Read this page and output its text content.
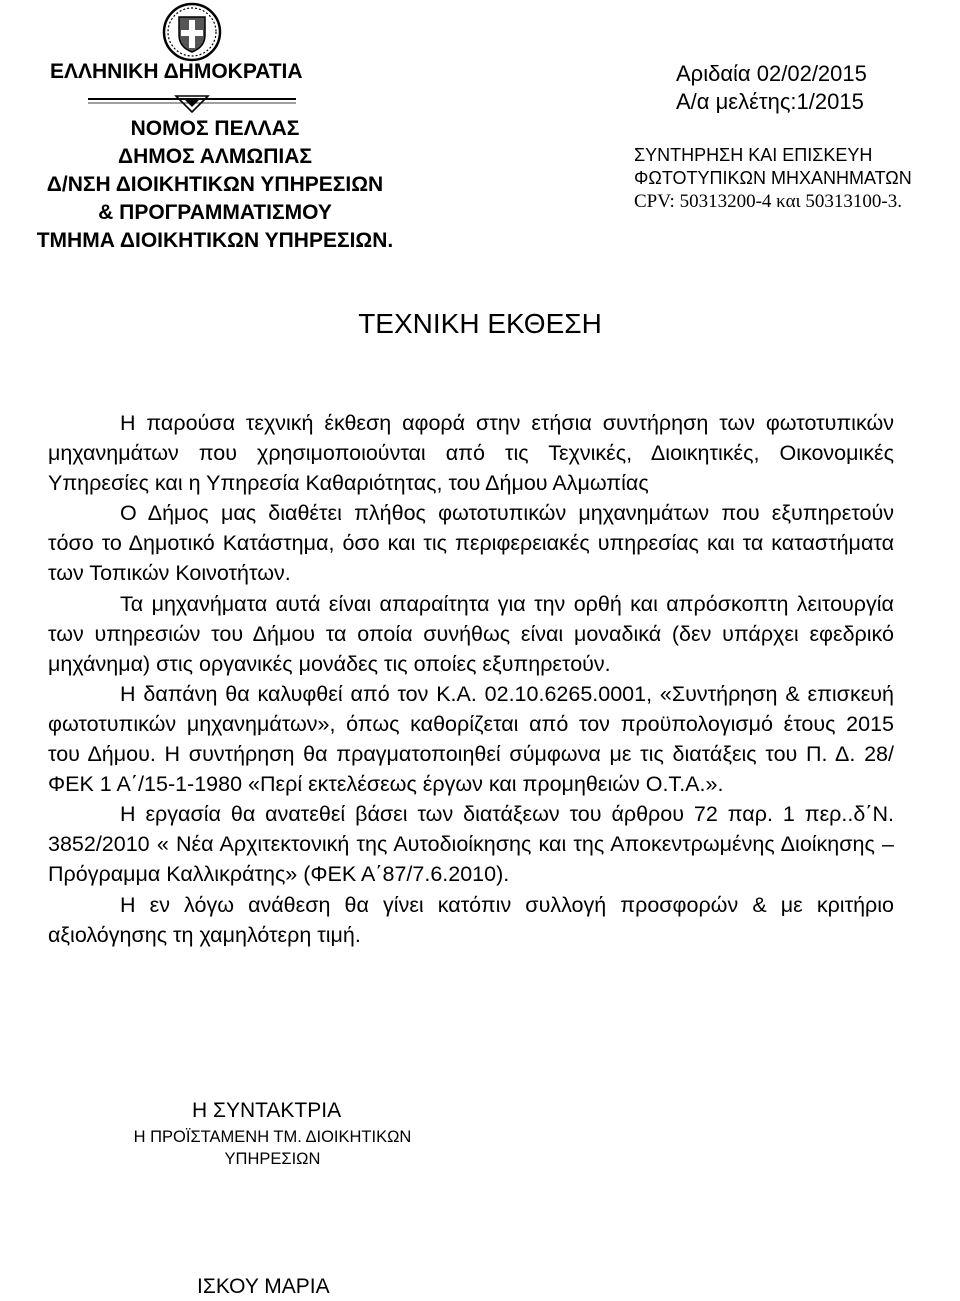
ΕΛΛΗΝΙΚΗ ΔΗΜΟΚΡΑΤΙΑ
ΝΟΜΟΣ ΠΕΛΛΑΣ
ΔΗΜΟΣ ΑΛΜΩΠΙΑΣ
Δ/ΝΣΗ ΔΙΟΙΚΗΤΙΚΩΝ ΥΠΗΡΕΣΙΩΝ
& ΠΡΟΓΡΑΜΜΑΤΙΣΜΟΥ
ΤΜΗΜΑ ΔΙΟΙΚΗΤΙΚΩΝ ΥΠΗΡΕΣΙΩΝ.
Αριδαία 02/02/2015
Α/α μελέτης:1/2015
ΣΥΝΤΗΡΗΣΗ ΚΑΙ ΕΠΙΣΚΕΥΗ
ΦΩΤΟΤΥΠΙΚΩΝ ΜΗΧΑΝΗΜΑΤΩΝ
CPV: 50313200-4 και 50313100-3.
ΤΕΧΝΙΚΗ ΕΚΘΕΣΗ

Η παρούσα τεχνική έκθεση αφορά στην ετήσια συντήρηση των φωτοτυπικών μηχανημάτων που χρησιμοποιούνται από τις Τεχνικές, Διοικητικές, Οικονομικές Υπηρεσίες και η Υπηρεσία Καθαριότητας, του Δήμου Αλμωπίας

Ο Δήμος μας διαθέτει πλήθος φωτοτυπικών μηχανημάτων που εξυπηρετούν τόσο το Δημοτικό Κατάστημα, όσο και τις περιφερειακές υπηρεσίας και τα καταστήματα των Τοπικών Κοινοτήτων.

Τα μηχανήματα αυτά είναι απαραίτητα για την ορθή και απρόσκοπτη λειτουργία των υπηρεσιών του Δήμου τα οποία συνήθως είναι μοναδικά (δεν υπάρχει εφεδρικό μηχάνημα) στις οργανικές μονάδες τις οποίες εξυπηρετούν.

Η δαπάνη θα καλυφθεί από τον Κ.Α. 02.10.6265.0001, «Συντήρηση & επισκευή φωτοτυπικών μηχανημάτων», όπως καθορίζεται από τον προϋπολογισμό έτους 2015 του Δήμου. Η συντήρηση θα πραγματοποιηθεί σύμφωνα με τις διατάξεις του Π. Δ. 28/ΦΕΚ 1 Α΄/15-1-1980 «Περί εκτελέσεως έργων και προμηθειών Ο.Τ.Α.».

Η εργασία θα ανατεθεί βάσει των διατάξεων του άρθρου 72 παρ. 1 περ..δ΄Ν. 3852/2010 « Νέα Αρχιτεκτονική της Αυτοδιοίκησης και της Αποκεντρωμένης Διοίκησης – Πρόγραμμα Καλλικράτης» (ΦΕΚ Α΄87/7.6.2010).

Η εν λόγω ανάθεση θα γίνει κατόπιν συλλογή προσφορών & με κριτήριο αξιολόγησης τη χαμηλότερη τιμή.

Η ΣΥΝΤΑΚΤΡΙΑ
Η ΠΡΟΪΣΤΑΜΕΝΗ ΤΜ. ΔΙΟΙΚΗΤΙΚΩΝ
ΥΠΗΡΕΣΙΩΝ
ΙΣΚΟΥ ΜΑΡΙΑ
